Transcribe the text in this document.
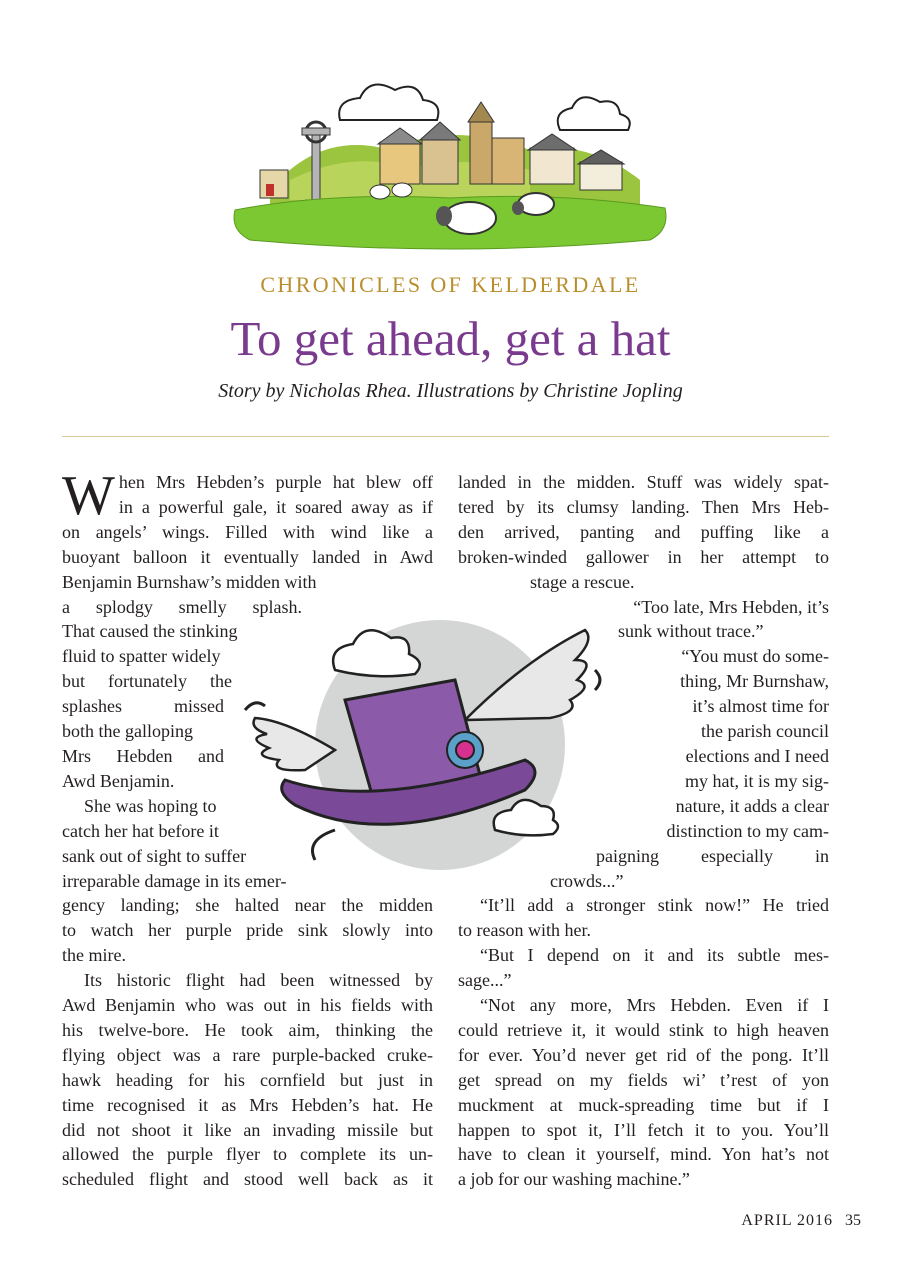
CHRONICLES OF KELDERDALE
To get ahead, get a hat
Story by Nicholas Rhea. Illustrations by Christine Jopling
W hen Mrs Hebden’s purple hat blew off

in a powerful gale, it soared away as if

on angels’ wings. Filled with wind like a

buoyant balloon it eventually landed in Awd

Benjamin Burnshaw’s midden with

a splodgy smelly splash.

That caused the stinking

fluid to spatter widely

but fortunately the

splashes missed

both the galloping

Mrs Hebden and

Awd Benjamin.

She was hoping to

catch her hat before it

sank out of sight to suffer

irreparable damage in its emer-

gency landing; she halted near the midden

to watch her purple pride sink slowly into

the mire.

Its historic flight had been witnessed by

Awd Benjamin who was out in his fields with

his twelve-bore. He took aim, thinking the

flying object was a rare purple-backed cruke-

hawk heading for his cornfield but just in

time recognised it as Mrs Hebden’s hat. He

did not shoot it like an invading missile but

allowed the purple flyer to complete its un-

scheduled flight and stood well back as it

landed in the midden. Stuff was widely spat-

tered by its clumsy landing. Then Mrs Heb-

den arrived, panting and puffing like a

broken-winded gallower in her attempt to

stage a rescue.

“Too late, Mrs Hebden, it’s

sunk without trace.”

“You must do some-

thing, Mr Burnshaw,

it’s almost time for

the parish council

elections and I need

my hat, it is my sig-

nature, it adds a clear

distinction to my cam-

paigning especially in

crowds...”

“It’ll add a stronger stink now!” He tried

to reason with her.

“But I depend on it and its subtle mes-

sage...”

“Not any more, Mrs Hebden. Even if I

could retrieve it, it would stink to high heaven

for ever. You’d never get rid of the pong. It’ll

get spread on my fields wi’ t’rest of yon

muckment at muck-spreading time but if I

happen to spot it, I’ll fetch it to you. You’ll

have to clean it yourself, mind. Yon hat’s not

a job for our washing machine.”

APRIL 2016 35
